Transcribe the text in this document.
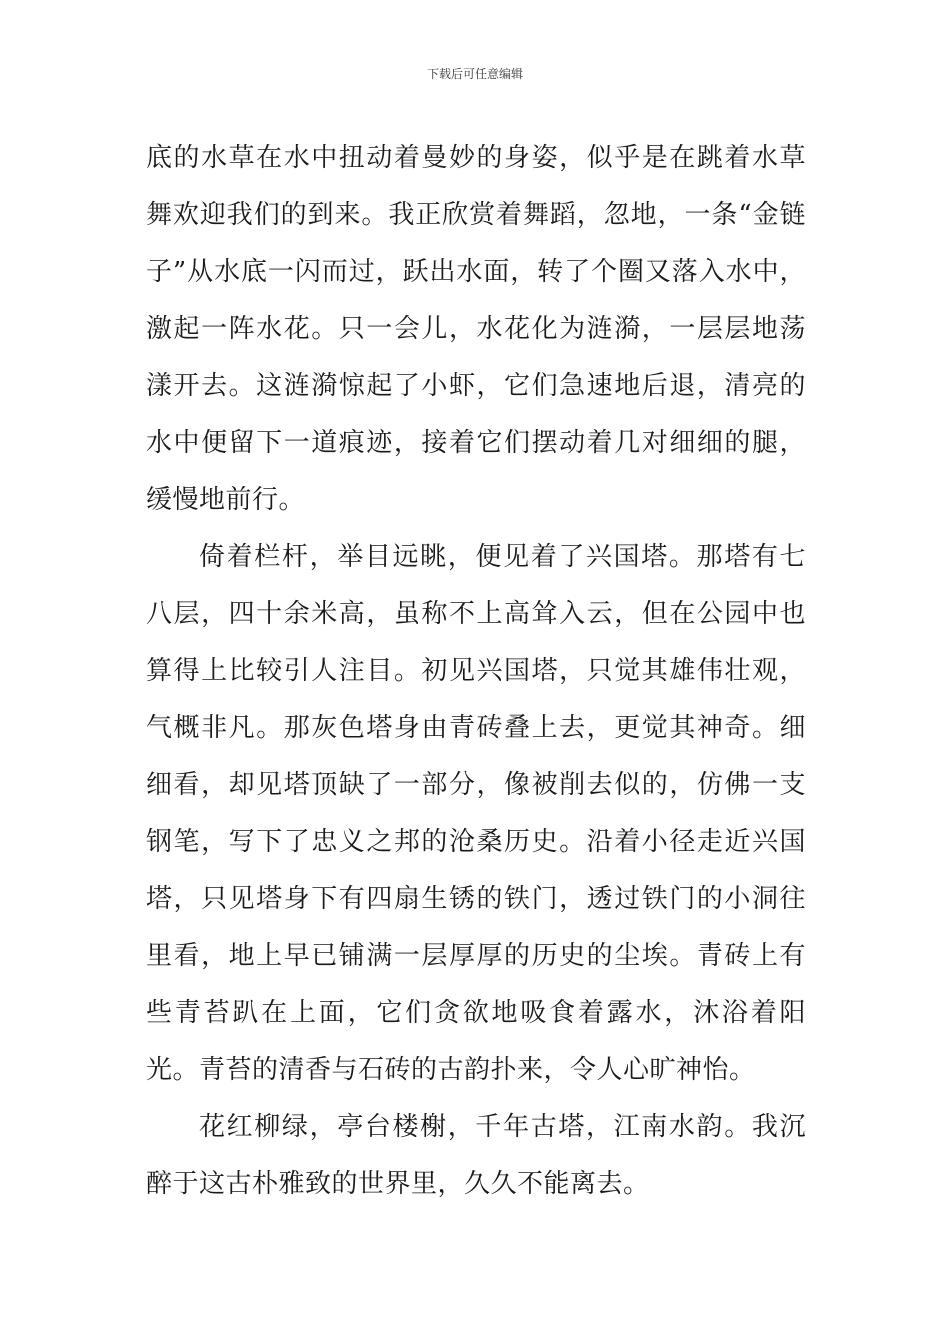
下载后可任意编辑

底的水草在水中扭动着曼妙的身姿，似乎是在跳着水草舞欢迎我们的到来。我正欣赏着舞蹈，忽地，一条“金链子”从水底一闪而过，跃出水面，转了个圈又落入水中，激起一阵水花。只一会儿，水花化为涟漪，一层层地荡漾开去。这涟漪惊起了小虾，它们急速地后退，清亮的水中便留下一道痕迹，接着它们摆动着几对细细的腿，缓慢地前行。

倚着栏杆，举目远眺，便见着了兴国塔。那塔有七八层，四十余米高，虽称不上高耸入云，但在公园中也算得上比较引人注目。初见兴国塔，只觉其雄伟壮观，气概非凡。那灰色塔身由青砖叠上去，更觉其神奇。细细看，却见塔顶缺了一部分，像被削去似的，仿佛一支钢笔，写下了忠义之邦的沧桑历史。沿着小径走近兴国塔，只见塔身下有四扇生锈的铁门，透过铁门的小洞往里看，地上早已铺满一层厚厚的历史的尘埃。青砖上有些青苔趴在上面，它们贪欲地吸食着露水，沐浴着阳光。青苔的清香与石砖的古韵扑来，令人心旷神怡。

花红柳绿，亭台楼榭，千年古塔，江南水韵。我沉醉于这古朴雅致的世界里，久久不能离去。
